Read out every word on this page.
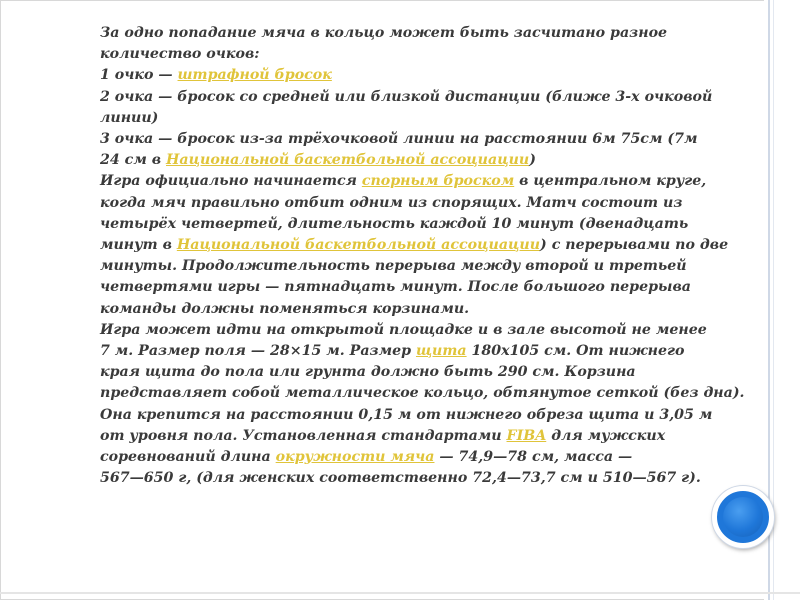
За одно попадание мяча в кольцо может быть засчитано разное
количество очков:
1 очко — штрафной бросок
2 очка — бросок со средней или близкой дистанции (ближе 3-х очковой
линии)
3 очка — бросок из-за трёхочковой линии на расстоянии 6м 75см (7м
24 см в Национальной баскетбольной ассоциации)
Игра официально начинается спорным броском в центральном круге,
когда мяч правильно отбит одним из спорящих. Матч состоит из
четырёх четвертей, длительность каждой 10 минут (двенадцать
минут в Национальной баскетбольной ассоциации) с перерывами по две
минуты. Продолжительность перерыва между второй и третьей
четвертями игры — пятнадцать минут. После большого перерыва
команды должны поменяться корзинами.
Игра может идти на открытой площадке и в зале высотой не менее
7 м. Размер поля — 28×15 м. Размер щита 180х105 см. От нижнего
края щита до пола или грунта должно быть 290 см. Корзина
представляет собой металлическое кольцо, обтянутое сеткой (без дна).
Она крепится на расстоянии 0,15 м от нижнего обреза щита и 3,05 м
от уровня пола. Установленная стандартами FIBA для мужских
соревнований длина окружности мяча — 74,9—78 см, масса —
567—650 г, (для женских соответственно 72,4—73,7 см и 510—567 г).
